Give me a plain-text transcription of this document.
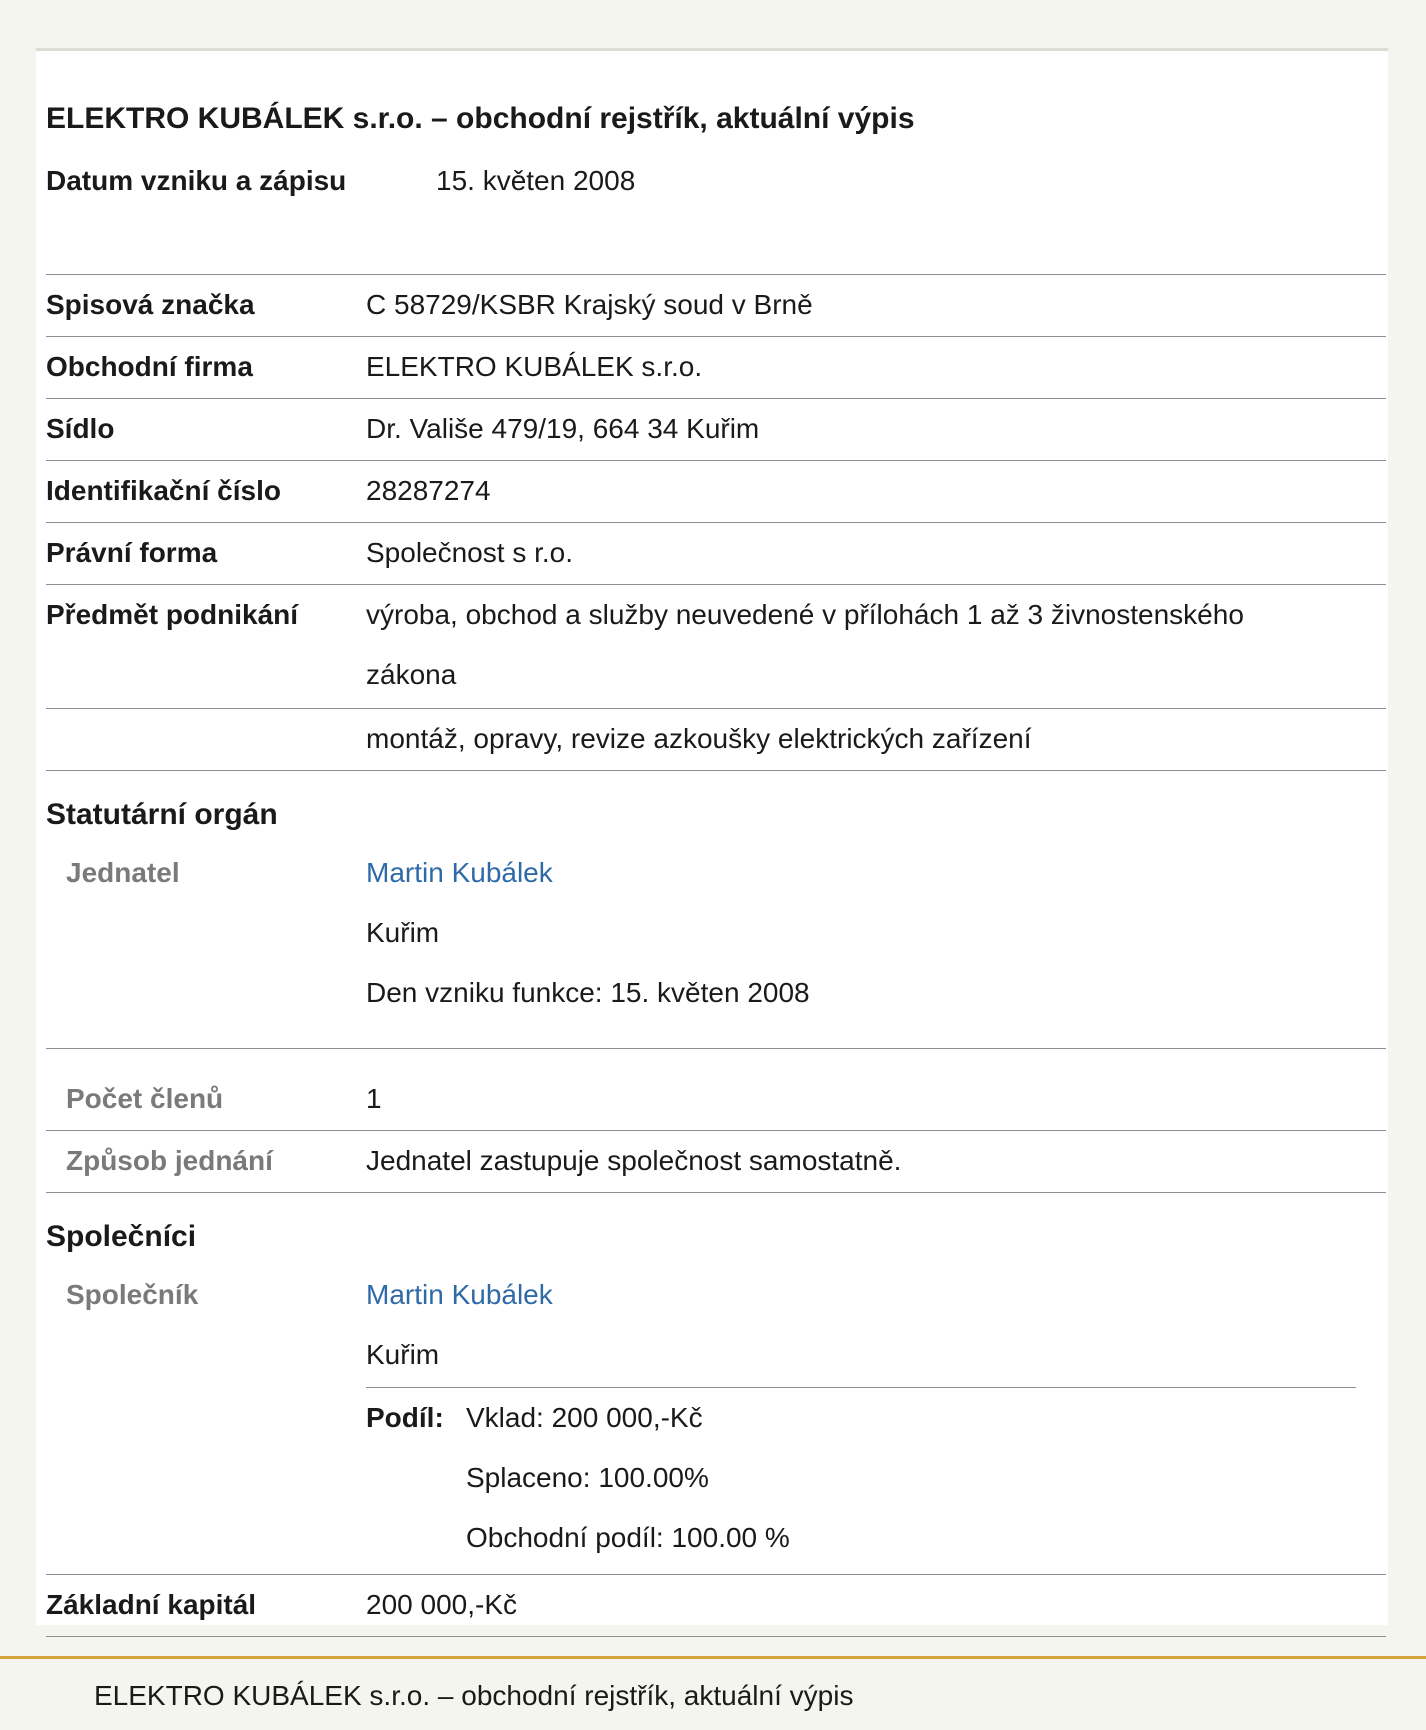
ELEKTRO KUBÁLEK s.r.o. – obchodní rejstřík, aktuální výpis
Datum vzniku a zápisu	15. květen 2008
Spisová značka	C 58729/KSBR Krajský soud v Brně
Obchodní firma	ELEKTRO KUBÁLEK s.r.o.
Sídlo	Dr. Vališe 479/19, 664 34 Kuřim
Identifikační číslo	28287274
Právní forma	Společnost s r.o.
Předmět podnikání	výroba, obchod a služby neuvedené v přílohách 1 až 3 živnostenského zákona
montáž, opravy, revize azkoušky elektrických zařízení
Statutární orgán
Jednatel	Martin Kubálek
Kuřim
Den vzniku funkce: 15. květen 2008
Počet členů	1
Způsob jednání	Jednatel zastupuje společnost samostatně.
Společníci
Společník	Martin Kubálek
Kuřim
Podíl: Vklad: 200 000,-Kč
Splaceno: 100.00%
Obchodní podíl: 100.00 %
Základní kapitál	200 000,-Kč
ELEKTRO KUBÁLEK s.r.o. – obchodní rejstřík, aktuální výpis
